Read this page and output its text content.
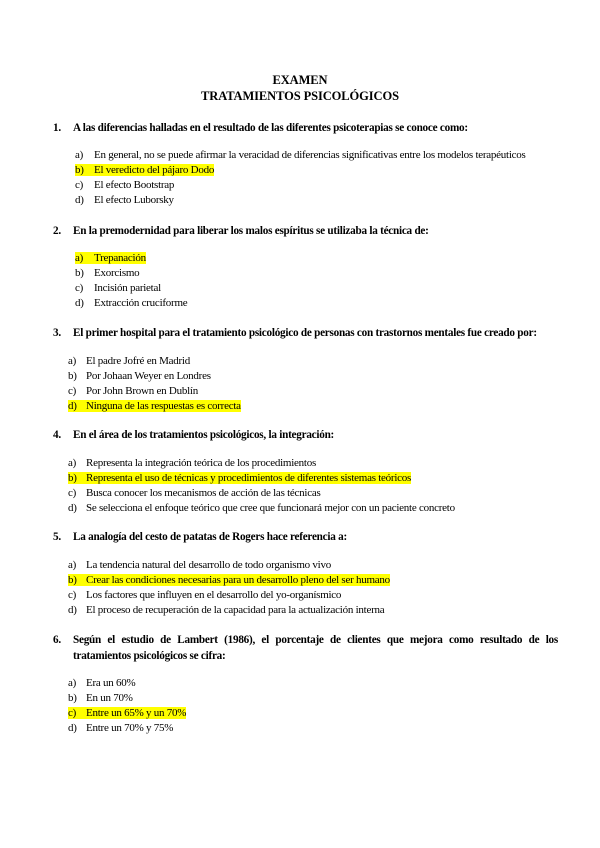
EXAMEN
TRATAMIENTOS PSICOLÓGICOS
1. A las diferencias halladas en el resultado de las diferentes psicoterapias se conoce como:
a) En general, no se puede afirmar la veracidad de diferencias significativas entre los modelos terapéuticos
b) El veredicto del pájaro Dodo
c) El efecto Bootstrap
d) El efecto Luborsky
2. En la premodernidad para liberar los malos espíritus se utilizaba la técnica de:
a) Trepanación
b) Exorcismo
c) Incisión parietal
d) Extracción cruciforme
3. El primer hospital para el tratamiento psicológico de personas con trastornos mentales fue creado por:
a) El padre Jofré en Madrid
b) Por Johaan Weyer en Londres
c) Por John Brown en Dublín
d) Ninguna de las respuestas es correcta
4. En el área de los tratamientos psicológicos, la integración:
a) Representa la integración teórica de los procedimientos
b) Representa el uso de técnicas y procedimientos de diferentes sistemas teóricos
c) Busca conocer los mecanismos de acción de las técnicas
d) Se selecciona el enfoque teórico que cree que funcionará mejor con un paciente concreto
5. La analogía del cesto de patatas de Rogers hace referencia a:
a) La tendencia natural del desarrollo de todo organismo vivo
b) Crear las condiciones necesarias para un desarrollo pleno del ser humano
c) Los factores que influyen en el desarrollo del yo-organísmico
d) El proceso de recuperación de la capacidad para la actualización interna
6. Según el estudio de Lambert (1986), el porcentaje de clientes que mejora como resultado de los tratamientos psicológicos se cifra:
a) Era un 60%
b) En un 70%
c) Entre un 65% y un 70%
d) Entre un 70% y 75%
